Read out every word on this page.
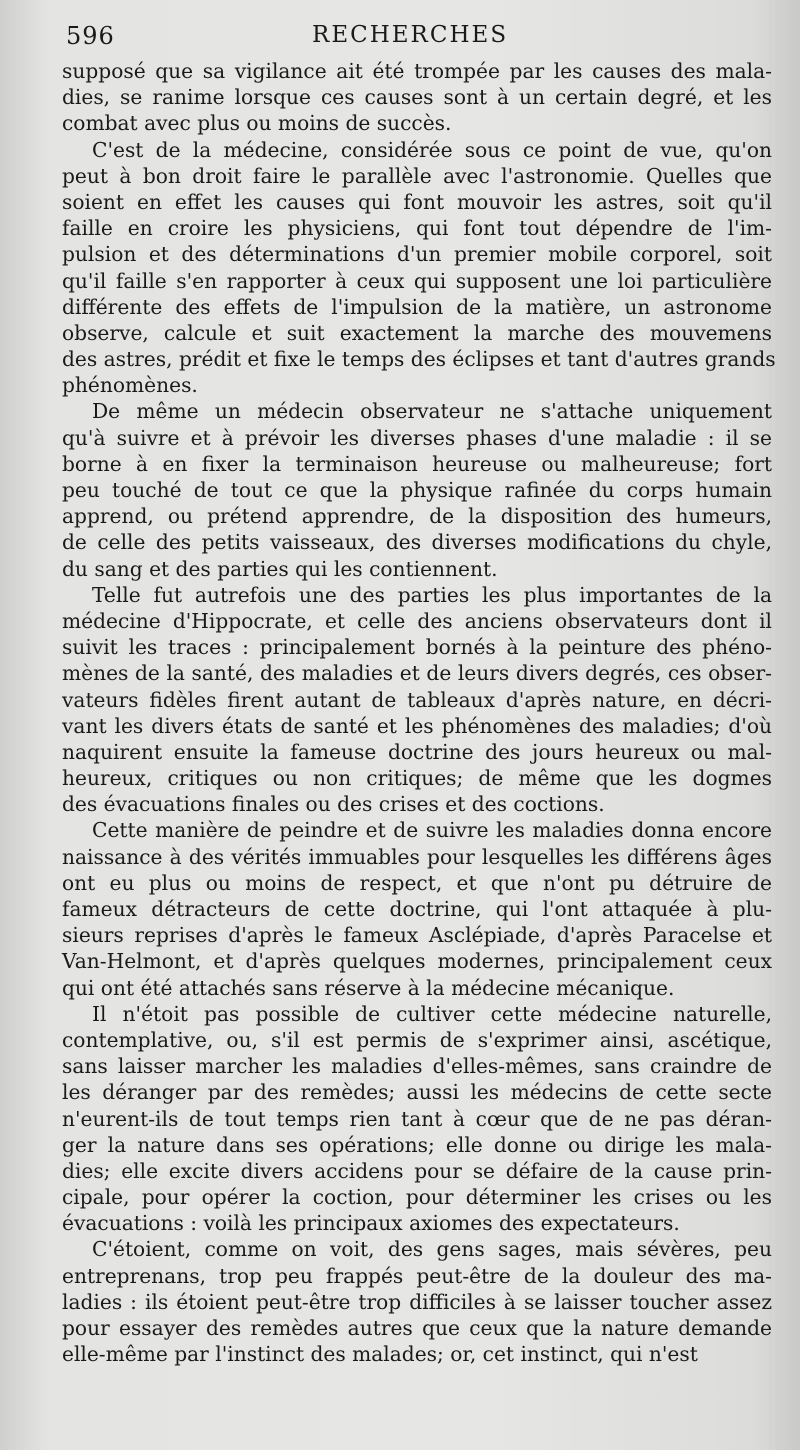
596	RECHERCHES

supposé que sa vigilance ait été trompée par les causes des mala-
dies, se ranime lorsque ces causes sont à un certain degré, et les
combat avec plus ou moins de succès.

C'est de la médecine, considérée sous ce point de vue, qu'on
peut à bon droit faire le parallèle avec l'astronomie. Quelles que
soient en effet les causes qui font mouvoir les astres, soit qu'il
faille en croire les physiciens, qui font tout dépendre de l'im-
pulsion et des déterminations d'un premier mobile corporel, soit
qu'il faille s'en rapporter à ceux qui supposent une loi particulière
différente des effets de l'impulsion de la matière, un astronome
observe, calcule et suit exactement la marche des mouvemens
des astres, prédit et fixe le temps des éclipses et tant d'autres grands
phénomènes.

De même un médecin observateur ne s'attache uniquement
qu'à suivre et à prévoir les diverses phases d'une maladie : il se
borne à en fixer la terminaison heureuse ou malheureuse; fort
peu touché de tout ce que la physique rafinée du corps humain
apprend, ou prétend apprendre, de la disposition des humeurs,
de celle des petits vaisseaux, des diverses modifications du chyle,
du sang et des parties qui les contiennent.

Telle fut autrefois une des parties les plus importantes de la
médecine d'Hippocrate, et celle des anciens observateurs dont il
suivit les traces : principalement bornés à la peinture des phéno-
mènes de la santé, des maladies et de leurs divers degrés, ces obser-
vateurs fidèles firent autant de tableaux d'après nature, en décri-
vant les divers états de santé et les phénomènes des maladies; d'où
naquirent ensuite la fameuse doctrine des jours heureux ou mal-
heureux, critiques ou non critiques; de même que les dogmes
des évacuations finales ou des crises et des coctions.

Cette manière de peindre et de suivre les maladies donna encore
naissance à des vérités immuables pour lesquelles les différens âges
ont eu plus ou moins de respect, et que n'ont pu détruire de
fameux détracteurs de cette doctrine, qui l'ont attaquée à plu-
sieurs reprises d'après le fameux Asclépiade, d'après Paracelse et
Van-Helmont, et d'après quelques modernes, principalement ceux
qui ont été attachés sans réserve à la médecine mécanique.

Il n'étoit pas possible de cultiver cette médecine naturelle,
contemplative, ou, s'il est permis de s'exprimer ainsi, ascétique,
sans laisser marcher les maladies d'elles-mêmes, sans craindre de
les déranger par des remèdes; aussi les médecins de cette secte
n'eurent-ils de tout temps rien tant à cœur que de ne pas déran-
ger la nature dans ses opérations; elle donne ou dirige les mala-
dies; elle excite divers accidens pour se défaire de la cause prin-
cipale, pour opérer la coction, pour déterminer les crises ou les
évacuations : voilà les principaux axiomes des expectateurs.

C'étoient, comme on voit, des gens sages, mais sévères, peu
entreprenans, trop peu frappés peut-être de la douleur des ma-
ladies : ils étoient peut-être trop difficiles à se laisser toucher assez
pour essayer des remèdes autres que ceux que la nature demande
elle-même par l'instinct des malades; or, cet instinct, qui n'est
